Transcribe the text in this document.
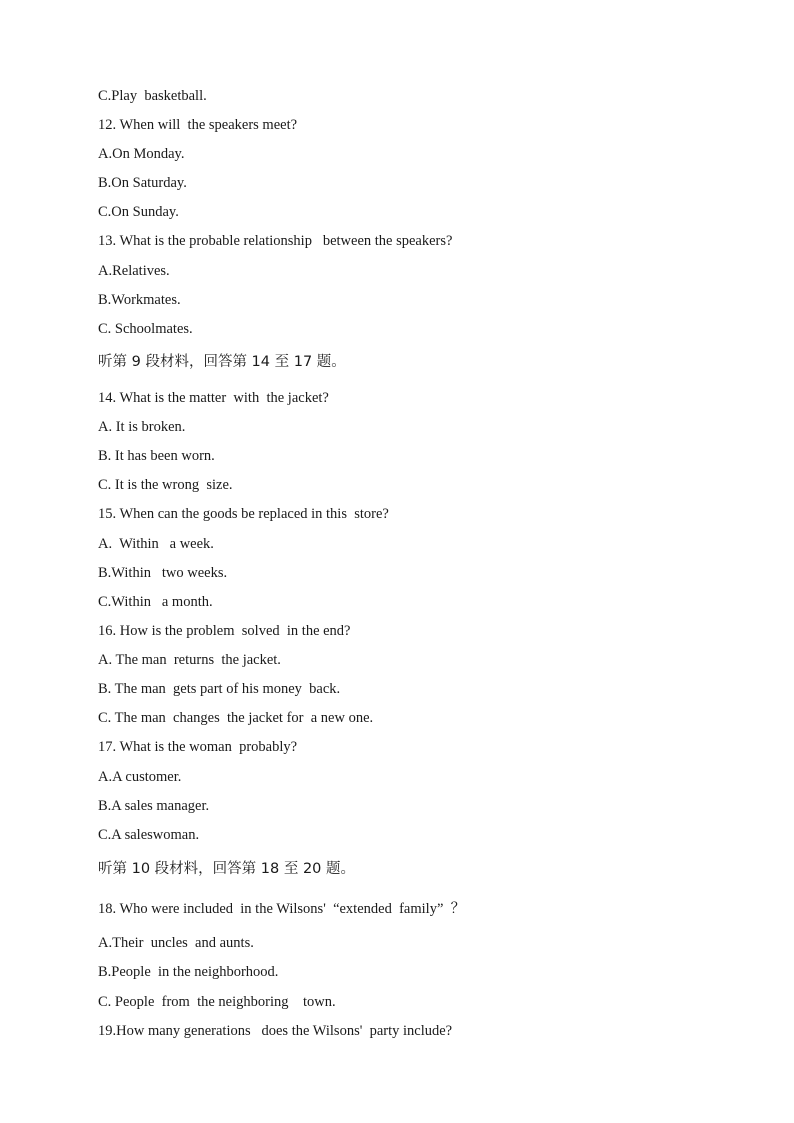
C.Play  basketball.

12. When will  the speakers meet?

A.On Monday.

B.On Saturday.

C.On Sunday.

13. What is the probable relationship   between the speakers?

A.Relatives.

B.Workmates.

C. Schoolmates.

听第 9 段材料，回答第 14 至 17 题。

14. What is the matter  with  the jacket?

A. It is broken.

B. It has been worn.

C. It is the wrong  size.

15. When can the goods be replaced in this  store?

A.  Within   a week.

B.Within   two weeks.

C.Within   a month.

16. How is the problem  solved  in the end?

A. The man  returns  the jacket.

B. The man  gets part of his money  back.

C. The man  changes  the jacket for  a new one.

17. What is the woman  probably?

A.A customer.

B.A sales manager.

C.A saleswoman.

听第 10 段材料，回答第 18 至 20 题。

18. Who were included  in the Wilsons'  “extended  family”  ？

A.Their  uncles  and aunts.

B.People  in the neighborhood.

C. People  from  the neighboring    town.

19.How many generations   does the Wilsons'  party include?
